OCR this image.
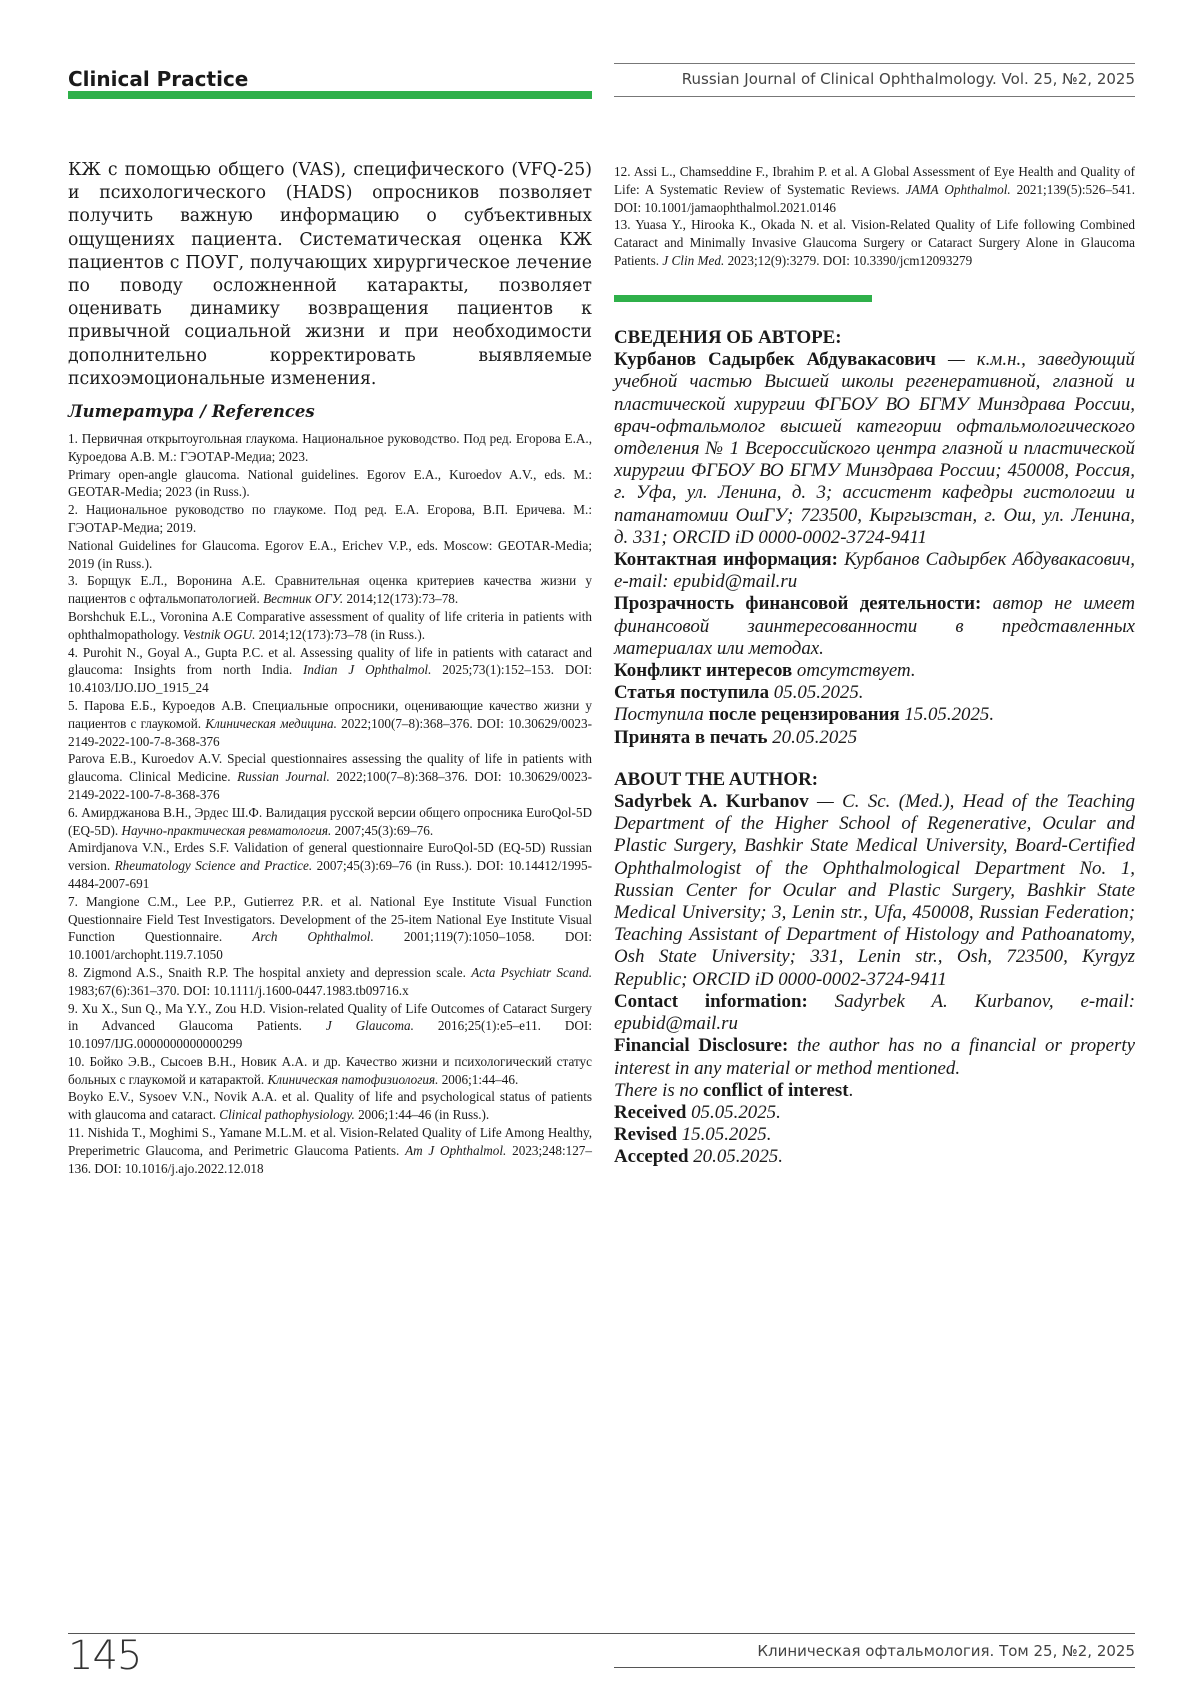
Clinical Practice	Russian Journal of Clinical Ophthalmology. Vol. 25, №2, 2025

КЖ с помощью общего (VAS), специфического (VFQ-25) и психологического (HADS) опросников позволяет получить важную информацию о субъективных ощущениях пациента. Систематическая оценка КЖ пациентов с ПОУГ, получающих хирургическое лечение по поводу осложненной катаракты, позволяет оценивать динамику возвращения пациентов к привычной социальной жизни и при необходимости дополнительно корректировать выявляемые психоэмоциональные изменения.

Литература / References

1. Первичная открытоугольная глаукома. Национальное руководство. Под ред. Егорова Е.А., Куроедова А.В. М.: ГЭОТАР-Медиа; 2023.

Primary open-angle glaucoma. National guidelines. Egorov E.A., Kuroedov A.V., eds. M.: GEOTAR-Media; 2023 (in Russ.).

2. Национальное руководство по глаукоме. Под ред. Е.А. Егорова, В.П. Еричева. М.: ГЭОТАР-Медиа; 2019.

National Guidelines for Glaucoma. Egorov E.A., Erichev V.P., eds. Moscow: GEOTAR-Media; 2019 (in Russ.).

3. Борщук Е.Л., Воронина А.Е. Сравнительная оценка критериев качества жизни у пациентов с офтальмопатологией. Вестник ОГУ. 2014;12(173):73–78.

Borshchuk E.L., Voronina A.E Comparative assessment of quality of life criteria in patients with ophthalmopathology. Vestnik OGU. 2014;12(173):73–78 (in Russ.).

4. Purohit N., Goyal A., Gupta P.C. et al. Assessing quality of life in patients with cataract and glaucoma: Insights from north India. Indian J Ophthalmol. 2025;73(1):152–153. DOI: 10.4103/IJO.IJO_1915_24

5. Парова Е.Б., Куроедов А.В. Специальные опросники, оценивающие качество жизни у пациентов с глаукомой. Клиническая медицина. 2022;100(7–8):368–376. DOI: 10.30629/0023-2149-2022-100-7-8-368-376

Parova E.B., Kuroedov A.V. Special questionnaires assessing the quality of life in patients with glaucoma. Clinical Medicine. Russian Journal. 2022;100(7–8):368–376. DOI: 10.30629/0023-2149-2022-100-7-8-368-376

6. Амирджанова В.Н., Эрдес Ш.Ф. Валидация русской версии общего опросника EuroQol-5D (EQ-5D). Научно-практическая ревматология. 2007;45(3):69–76.

Amirdjanova V.N., Erdes S.F. Validation of general questionnaire EuroQol-5D (EQ-5D) Russian version. Rheumatology Science and Practice. 2007;45(3):69–76 (in Russ.). DOI: 10.14412/1995-4484-2007-691

7. Mangione C.M., Lee P.P., Gutierrez P.R. et al. National Eye Institute Visual Function Questionnaire Field Test Investigators. Development of the 25-item National Eye Institute Visual Function Questionnaire. Arch Ophthalmol. 2001;119(7):1050–1058. DOI: 10.1001/archopht.119.7.1050

8. Zigmond A.S., Snaith R.P. The hospital anxiety and depression scale. Acta Psychiatr Scand. 1983;67(6):361–370. DOI: 10.1111/j.1600-0447.1983.tb09716.x

9. Xu X., Sun Q., Ma Y.Y., Zou H.D. Vision-related Quality of Life Outcomes of Cataract Surgery in Advanced Glaucoma Patients. J Glaucoma. 2016;25(1):e5–e11. DOI: 10.1097/IJG.0000000000000299

10. Бойко Э.В., Сысоев В.Н., Новик А.А. и др. Качество жизни и психологический статус больных с глаукомой и катарактой. Клиническая патофизиология. 2006;1:44–46.

Boyko E.V., Sysoev V.N., Novik A.A. et al. Quality of life and psychological status of patients with glaucoma and cataract. Clinical pathophysiology. 2006;1:44–46 (in Russ.).

11. Nishida T., Moghimi S., Yamane M.L.M. et al. Vision-Related Quality of Life Among Healthy, Preperimetric Glaucoma, and Perimetric Glaucoma Patients. Am J Ophthalmol. 2023;248:127–136. DOI: 10.1016/j.ajo.2022.12.018

12. Assi L., Chamseddine F., Ibrahim P. et al. A Global Assessment of Eye Health and Quality of Life: A Systematic Review of Systematic Reviews. JAMA Ophthalmol. 2021;139(5):526–541. DOI: 10.1001/jamaophthalmol.2021.0146

13. Yuasa Y., Hirooka K., Okada N. et al. Vision-Related Quality of Life following Combined Cataract and Minimally Invasive Glaucoma Surgery or Cataract Surgery Alone in Glaucoma Patients. J Clin Med. 2023;12(9):3279. DOI: 10.3390/jcm12093279

СВЕДЕНИЯ ОБ АВТОРЕ:

Курбанов Садырбек Абдувакасович — к.м.н., заведующий учебной частью Высшей школы регенеративной, глазной и пластической хирургии ФГБОУ ВО БГМУ Минздрава России, врач-офтальмолог высшей категории офтальмологического отделения № 1 Всероссийского центра глазной и пластической хирургии ФГБОУ ВО БГМУ Минздрава России; 450008, Россия, г. Уфа, ул. Ленина, д. 3; ассистент кафедры гистологии и патанатомии ОшГУ; 723500, Кыргызстан, г. Ош, ул. Ленина, д. 331; ORCID iD 0000-0002-3724-9411

Контактная информация: Курбанов Садырбек Абдувакасович, e-mail: epubid@mail.ru

Прозрачность финансовой деятельности: автор не имеет финансовой заинтересованности в представленных материалах или методах.

Конфликт интересов отсутствует.

Статья поступила 05.05.2025.

Поступила после рецензирования 15.05.2025.

Принята в печать 20.05.2025

ABOUT THE AUTHOR:

Sadyrbek A. Kurbanov — C. Sc. (Med.), Head of the Teaching Department of the Higher School of Regenerative, Ocular and Plastic Surgery, Bashkir State Medical University, Board-Certified Ophthalmologist of the Ophthalmological Department No. 1, Russian Center for Ocular and Plastic Surgery, Bashkir State Medical University; 3, Lenin str., Ufa, 450008, Russian Federation; Teaching Assistant of Department of Histology and Pathoanatomy, Osh State University; 331, Lenin str., Osh, 723500, Kyrgyz Republic; ORCID iD 0000-0002-3724-9411

Contact information: Sadyrbek A. Kurbanov, e-mail: epubid@mail.ru

Financial Disclosure: the author has no a financial or property interest in any material or method mentioned.

There is no conflict of interest.

Received 05.05.2025.

Revised 15.05.2025.

Accepted 20.05.2025.

145	Клиническая офтальмология. Том 25, №2, 2025
